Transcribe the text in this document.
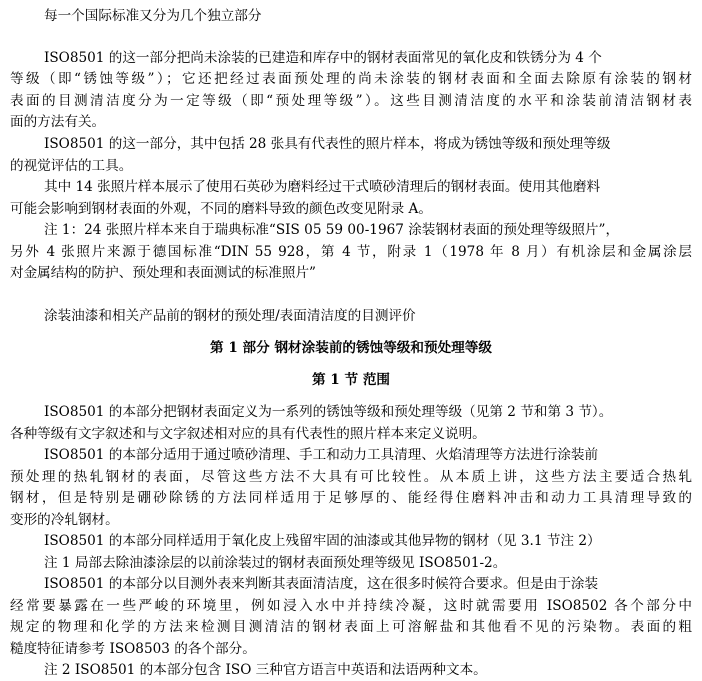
每一个国际标准又分为几个独立部分
ISO8501 的这一部分把尚未涂装的已建造和库存中的钢材表面常见的氧化皮和铁锈分为 4 个
等级（即“锈蚀等级”）；它还把经过表面预处理的尚未涂装的钢材表面和全面去除原有涂装的钢材
表面的目测清洁度分为一定等级（即“预处理等级”）。这些目测清洁度的水平和涂装前清洁钢材表
面的方法有关。
ISO8501 的这一部分，其中包括 28 张具有代表性的照片样本，将成为锈蚀等级和预处理等级
的视觉评估的工具。
其中 14 张照片样本展示了使用石英砂为磨料经过干式喷砂清理后的钢材表面。使用其他磨料
可能会影响到钢材表面的外观，不同的磨料导致的颜色改变见附录 A。
注 1：24 张照片样本来自于瑞典标准“SIS 05 59 00-1967 涂装钢材表面的预处理等级照片”，
另外 4 张照片来源于德国标准“DIN 55 928，第 4 节，附录 1（1978 年 8 月）有机涂层和金属涂层
对金属结构的防护、预处理和表面测试的标准照片”
涂装油漆和相关产品前的钢材的预处理/表面清洁度的目测评价
第 1 部分 钢材涂装前的锈蚀等级和预处理等级
第 1 节 范围
ISO8501 的本部分把钢材表面定义为一系列的锈蚀等级和预处理等级（见第 2 节和第 3 节）。
各种等级有文字叙述和与文字叙述相对应的具有代表性的照片样本来定义说明。
ISO8501 的本部分适用于通过喷砂清理、手工和动力工具清理、火焰清理等方法进行涂装前
预处理的热轧钢材的表面，尽管这些方法不大具有可比较性。从本质上讲，这些方法主要适合热轧
钢材，但是特别是硼砂除锈的方法同样适用于足够厚的、能经得住磨料冲击和动力工具清理导致的
变形的冷轧钢材。
ISO8501 的本部分同样适用于氧化皮上残留牢固的油漆或其他异物的钢材（见 3.1 节注 2）
注 1 局部去除油漆涂层的以前涂装过的钢材表面预处理等级见 ISO8501-2。
ISO8501 的本部分以目测外表来判断其表面清洁度，这在很多时候符合要求。但是由于涂装
经常要暴露在一些严峻的环境里，例如浸入水中并持续冷凝，这时就需要用 ISO8502 各个部分中
规定的物理和化学的方法来检测目测清洁的钢材表面上可溶解盐和其他看不见的污染物。表面的粗
糙度特征请参考 ISO8503 的各个部分。
注 2 ISO8501 的本部分包含 ISO 三种官方语言中英语和法语两种文本。
